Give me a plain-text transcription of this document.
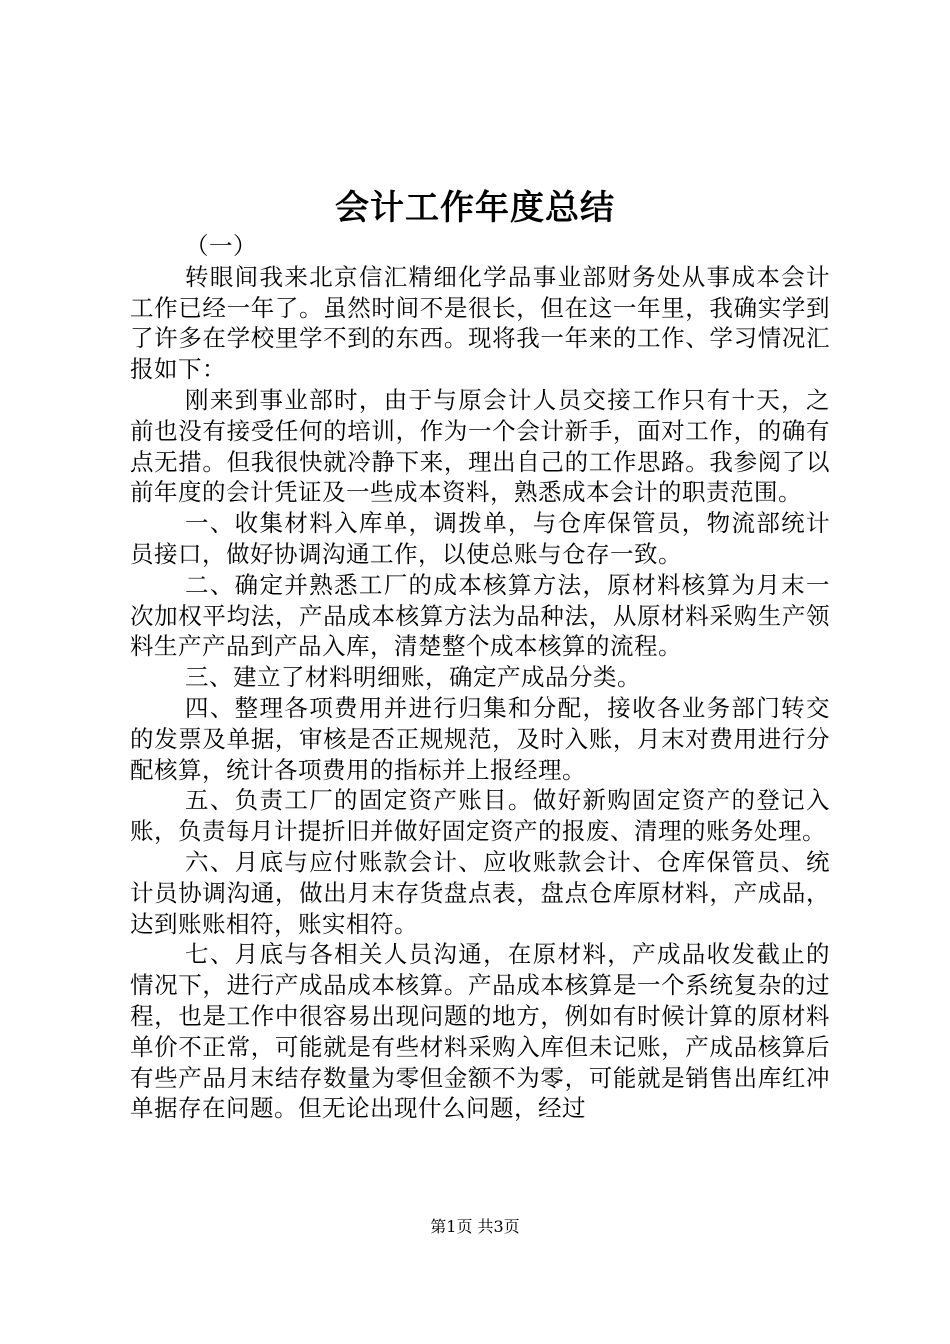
会计工作年度总结

（一）

转眼间我来北京信汇精细化学品事业部财务处从事成本会计工作已经一年了。虽然时间不是很长，但在这一年里，我确实学到了许多在学校里学不到的东西。现将我一年来的工作、学习情况汇报如下：

刚来到事业部时，由于与原会计人员交接工作只有十天，之前也没有接受任何的培训，作为一个会计新手，面对工作，的确有点无措。但我很快就冷静下来，理出自己的工作思路。我参阅了以前年度的会计凭证及一些成本资料，熟悉成本会计的职责范围。

一、收集材料入库单，调拨单，与仓库保管员，物流部统计员接口，做好协调沟通工作，以使总账与仓存一致。

二、确定并熟悉工厂的成本核算方法，原材料核算为月末一次加权平均法，产品成本核算方法为品种法，从原材料采购生产领料生产产品到产品入库，清楚整个成本核算的流程。

三、建立了材料明细账，确定产成品分类。

四、整理各项费用并进行归集和分配，接收各业务部门转交的发票及单据，审核是否正规规范，及时入账，月末对费用进行分配核算，统计各项费用的指标并上报经理。

五、负责工厂的固定资产账目。做好新购固定资产的登记入账，负责每月计提折旧并做好固定资产的报废、清理的账务处理。

六、月底与应付账款会计、应收账款会计、仓库保管员、统计员协调沟通，做出月末存货盘点表，盘点仓库原材料，产成品，达到账账相符，账实相符。

七、月底与各相关人员沟通，在原材料，产成品收发截止的情况下，进行产成品成本核算。产品成本核算是一个系统复杂的过程，也是工作中很容易出现问题的地方，例如有时候计算的原材料单价不正常，可能就是有些材料采购入库但未记账，产成品核算后有些产品月末结存数量为零但金额不为零，可能就是销售出库红冲单据存在问题。但无论出现什么问题，经过

第1页 共3页
